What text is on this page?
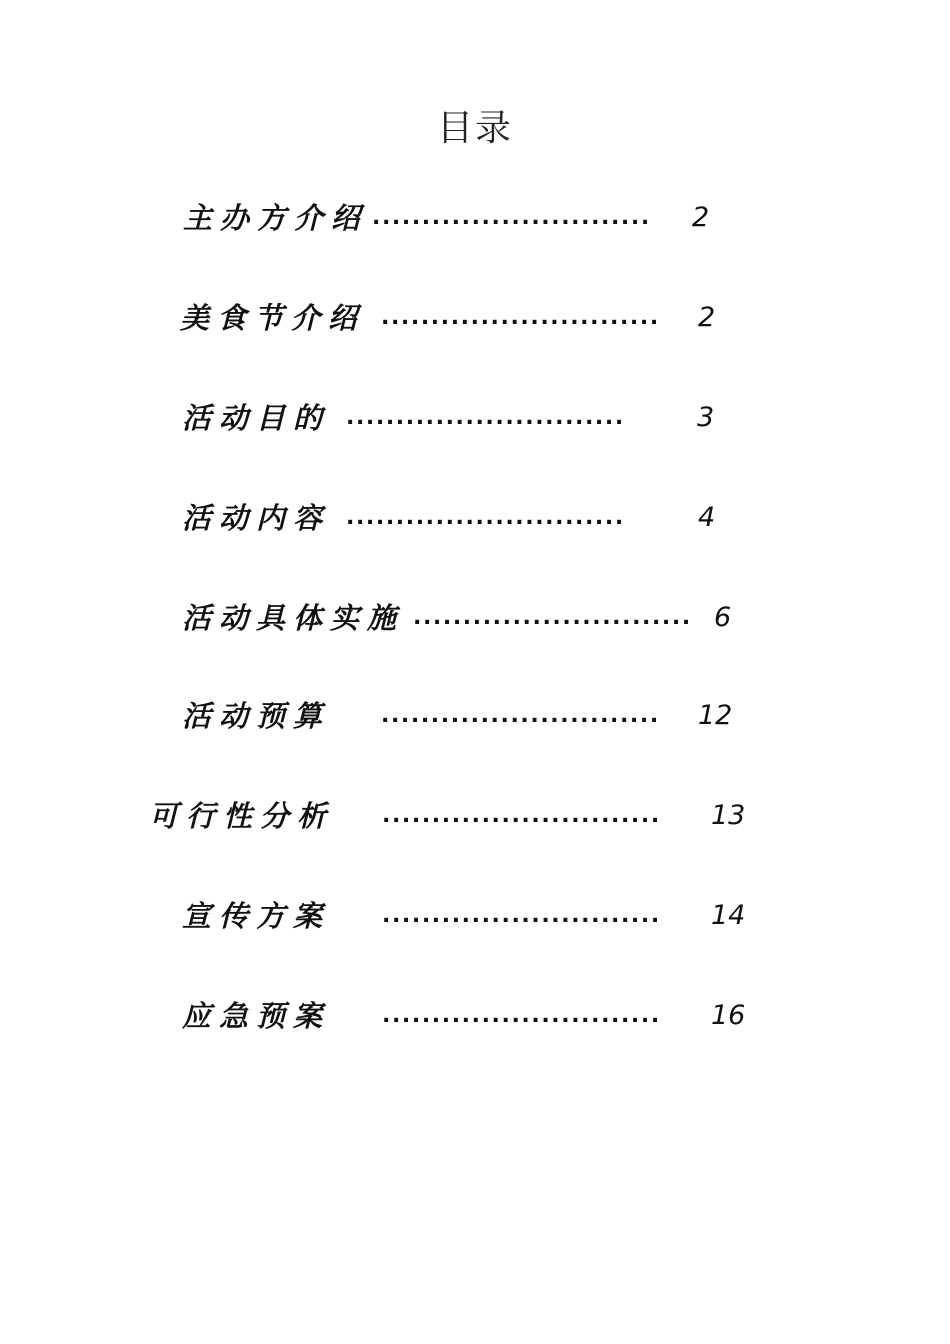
目录
主办方介绍 ............................	2
美食节介绍 ............................	2
活动目的 ............................	3
活动内容 ............................	4
活动具体实施 ............................ 6
活动预算 ............................	12
可行性分析 ............................	13
宣传方案 ............................	14
应急预案 ............................	16
